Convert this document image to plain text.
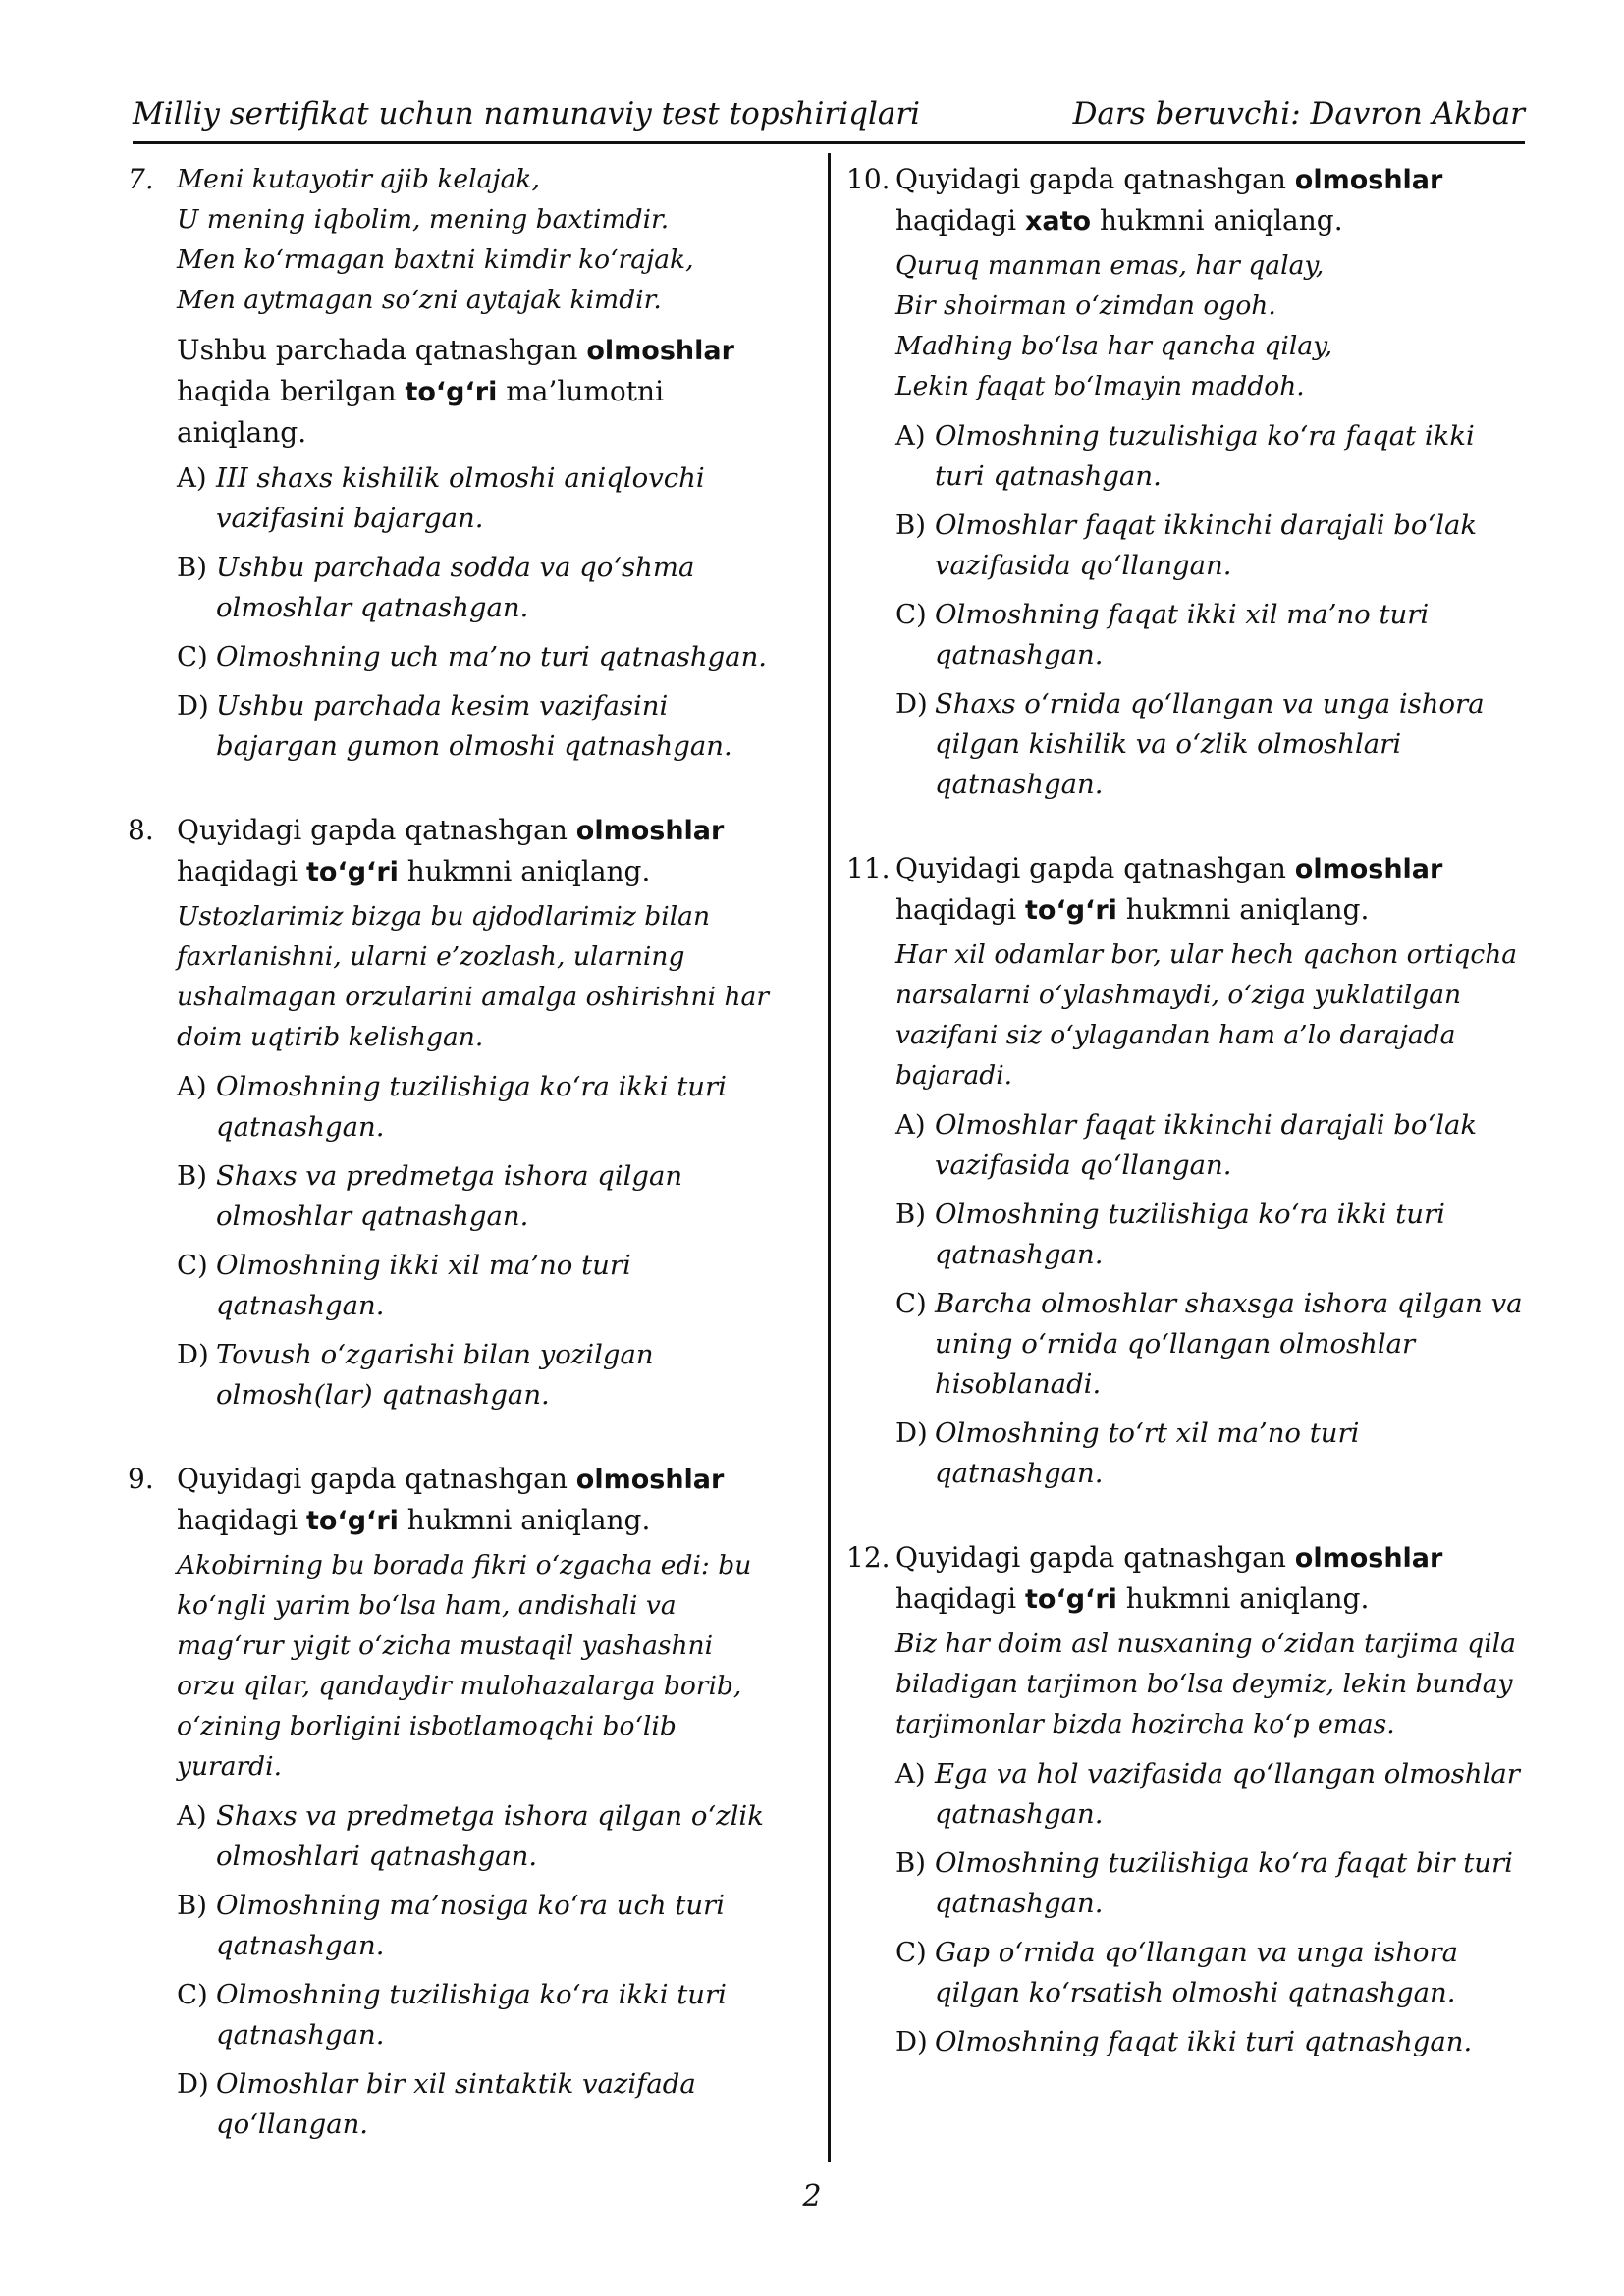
Milliy sertifikat uchun namunaviy test topshiriqlari	Dars beruvchi: Davron Akbar
7. Meni kutayotir ajib kelajak,
U mening iqbolim, mening baxtimdir.
Men ko‘rmagan baxtni kimdir ko‘rajak,
Men aytmagan so‘zni aytajak kimdir.
Ushbu parchada qatnashgan olmoshlar haqida berilgan to‘g‘ri ma’lumotni aniqlang.
A) III shaxs kishilik olmoshi aniqlovchi vazifasini bajargan.
B) Ushbu parchada sodda va qo‘shma olmoshlar qatnashgan.
C) Olmoshning uch ma’no turi qatnashgan.
D) Ushbu parchada kesim vazifasini bajargan gumon olmoshi qatnashgan.
8. Quyidagi gapda qatnashgan olmoshlar haqidagi to‘g‘ri hukmni aniqlang.
Ustozlarimiz bizga bu ajdodlarimiz bilan faxrlanishni, ularni e’zozlash, ularning ushalmagan orzularini amalga oshirishni har doim uqtirib kelishgan.
A) Olmoshning tuzilishiga ko‘ra ikki turi qatnashgan.
B) Shaxs va predmetga ishora qilgan olmoshlar qatnashgan.
C) Olmoshning ikki xil ma’no turi qatnashgan.
D) Tovush o‘zgarishi bilan yozilgan olmosh(lar) qatnashgan.
9. Quyidagi gapda qatnashgan olmoshlar haqidagi to‘g‘ri hukmni aniqlang.
Akobirning bu borada fikri o‘zgacha edi: bu ko‘ngli yarim bo‘lsa ham, andishali va mag‘rur yigit o‘zicha mustaqil yashashni orzu qilar, qandaydir mulohazalarga borib, o‘zining borligini isbotlamoqchi bo‘lib yurardi.
A) Shaxs va predmetga ishora qilgan o‘zlik olmoshlari qatnashgan.
B) Olmoshning ma’nosiga ko‘ra uch turi qatnashgan.
C) Olmoshning tuzilishiga ko‘ra ikki turi qatnashgan.
D) Olmoshlar bir xil sintaktik vazifada qo‘llangan.
10. Quyidagi gapda qatnashgan olmoshlar haqidagi xato hukmni aniqlang.
Quruq manman emas, har qalay,
Bir shoirman o‘zimdan ogoh.
Madhing bo‘lsa har qancha qilay,
Lekin faqat bo‘lmayin maddoh.
A) Olmoshning tuzulishiga ko‘ra faqat ikki turi qatnashgan.
B) Olmoshlar faqat ikkinchi darajali bo‘lak vazifasida qo‘llangan.
C) Olmoshning faqat ikki xil ma’no turi qatnashgan.
D) Shaxs o‘rnida qo‘llangan va unga ishora qilgan kishilik va o‘zlik olmoshlari qatnashgan.
11. Quyidagi gapda qatnashgan olmoshlar haqidagi to‘g‘ri hukmni aniqlang.
Har xil odamlar bor, ular hech qachon ortiqcha narsalarni o‘ylashmaydi, o‘ziga yuklatilgan vazifani siz o‘ylagandan ham a’lo darajada bajaradi.
A) Olmoshlar faqat ikkinchi darajali bo‘lak vazifasida qo‘llangan.
B) Olmoshning tuzilishiga ko‘ra ikki turi qatnashgan.
C) Barcha olmoshlar shaxsga ishora qilgan va uning o‘rnida qo‘llangan olmoshlar hisoblanadi.
D) Olmoshning to‘rt xil ma’no turi qatnashgan.
12. Quyidagi gapda qatnashgan olmoshlar haqidagi to‘g‘ri hukmni aniqlang.
Biz har doim asl nusxaning o‘zidan tarjima qila biladigan tarjimon bo‘lsa deymiz, lekin bunday tarjimonlar bizda hozircha ko‘p emas.
A) Ega va hol vazifasida qo‘llangan olmoshlar qatnashgan.
B) Olmoshning tuzilishiga ko‘ra faqat bir turi qatnashgan.
C) Gap o‘rnida qo‘llangan va unga ishora qilgan ko‘rsatish olmoshi qatnashgan.
D) Olmoshning faqat ikki turi qatnashgan.
2
